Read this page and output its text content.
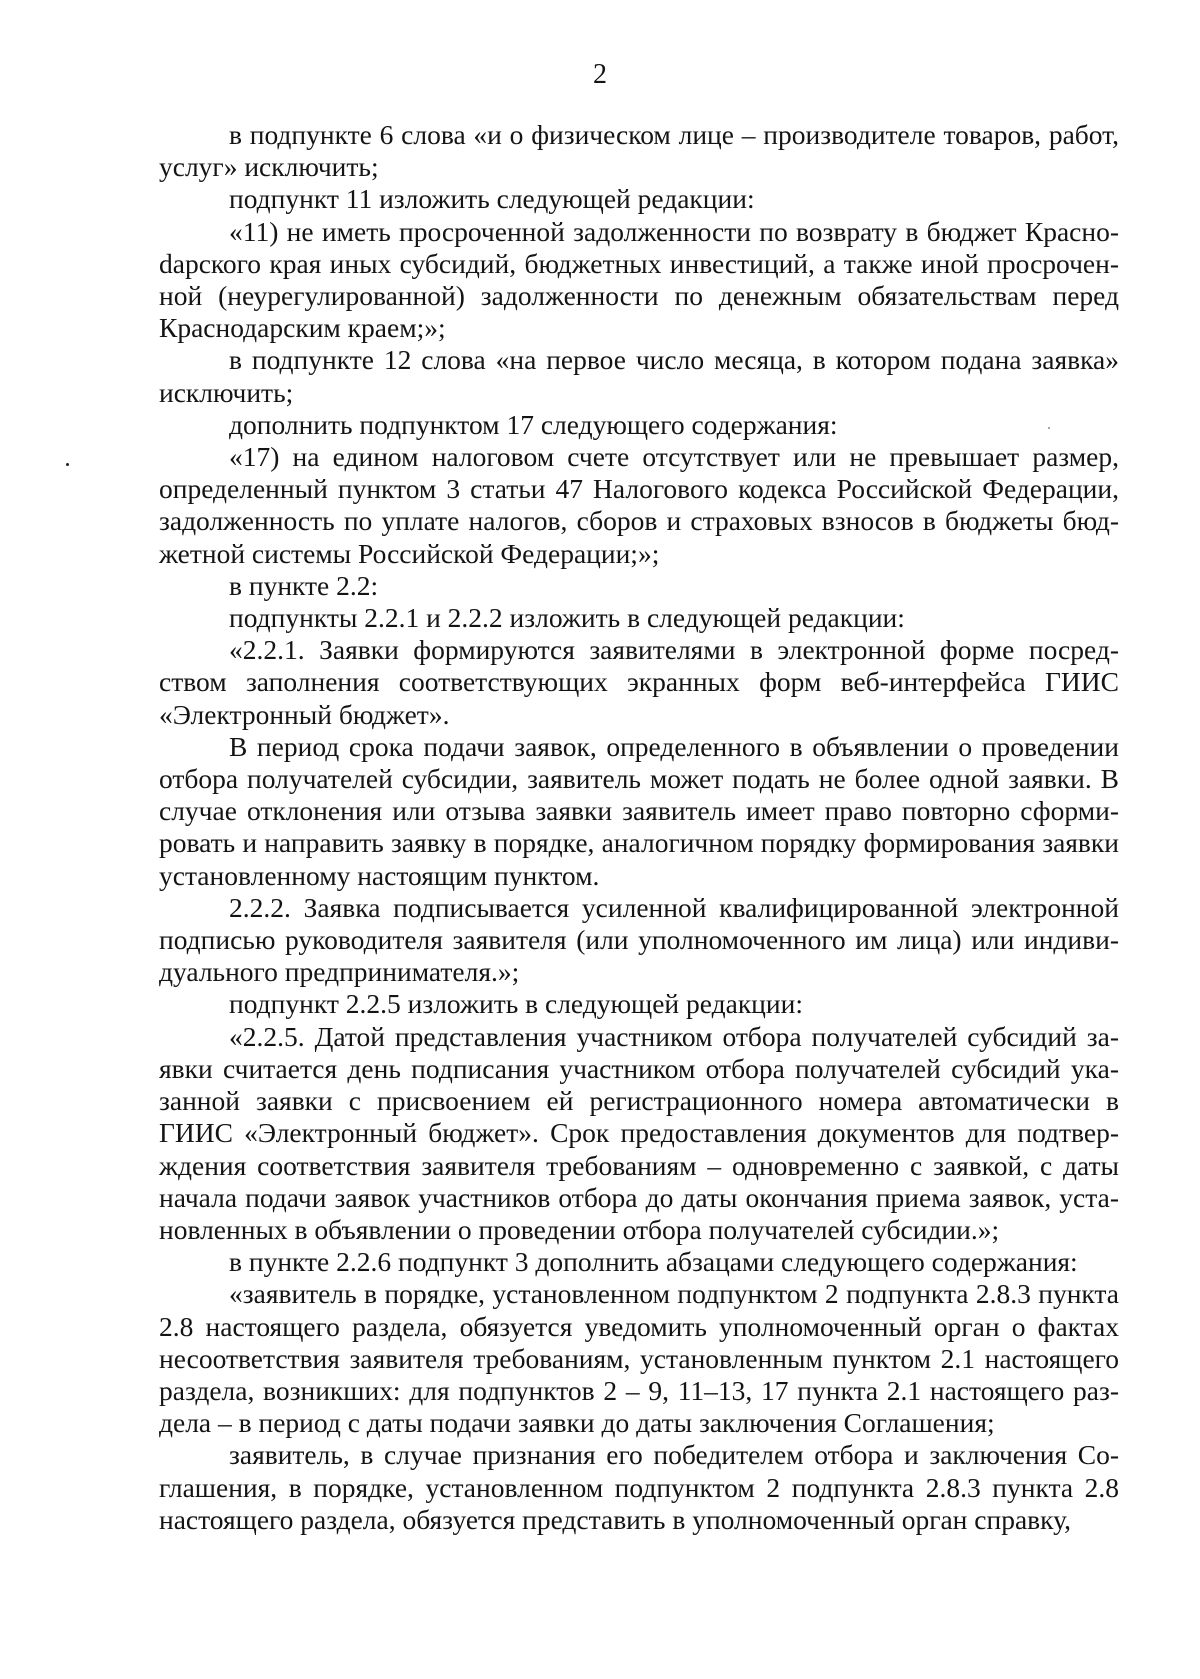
2

в подпункте 6 слова «и о физическом лице – производителе товаров, работ, услуг» исключить;

подпункт 11 изложить следующей редакции:

«11) не иметь просроченной задолженности по возврату в бюджет Красноdарского края иных субсидий, бюджетных инвестиций, а также иной просроченной (неурегулированной) задолженности по денежным обязательствам перед Краснодарским краем;»;

в подпункте 12 слова «на первое число месяца, в котором подана заявка» исключить;

дополнить подпунктом 17 следующего содержания:

«17) на едином налоговом счете отсутствует или не превышает размер, определенный пунктом 3 статьи 47 Налогового кодекса Российской Федерации, задолженность по уплате налогов, сборов и страховых взносов в бюджеты бюджетной системы Российской Федерации;»;

в пункте 2.2:

подпункты 2.2.1 и 2.2.2 изложить в следующей редакции:

«2.2.1. Заявки формируются заявителями в электронной форме посредством заполнения соответствующих экранных форм веб-интерфейса ГИИС «Электронный бюджет».

В период срока подачи заявок, определенного в объявлении о проведении отбора получателей субсидии, заявитель может подать не более одной заявки. В случае отклонения или отзыва заявки заявитель имеет право повторно сформировать и направить заявку в порядке, аналогичном порядку формирования заявки установленному настоящим пунктом.

2.2.2. Заявка подписывается усиленной квалифицированной электронной подписью руководителя заявителя (или уполномоченного им лица) или индивидуального предпринимателя.»;

подпункт 2.2.5 изложить в следующей редакции:

«2.2.5. Датой представления участником отбора получателей субсидий заявки считается день подписания участником отбора получателей субсидий указанной заявки с присвоением ей регистрационного номера автоматически в ГИИС «Электронный бюджет». Срок предоставления документов для подтверждения соответствия заявителя требованиям – одновременно с заявкой, с даты начала подачи заявок участников отбора до даты окончания приема заявок, установленных в объявлении о проведении отбора получателей субсидии.»;

в пункте 2.2.6 подпункт 3 дополнить абзацами следующего содержания:

«заявитель в порядке, установленном подпунктом 2 подпункта 2.8.3 пункта 2.8 настоящего раздела, обязуется уведомить уполномоченный орган о фактах несоответствия заявителя требованиям, установленным пунктом 2.1 настоящего раздела, возникших: для подпунктов 2 – 9, 11–13, 17 пункта 2.1 настоящего раздела – в период с даты подачи заявки до даты заключения Соглашения;

заявитель, в случае признания его победителем отбора и заключения Соглашения, в порядке, установленном подпунктом 2 подпункта 2.8.3 пункта 2.8 настоящего раздела, обязуется представить в уполномоченный орган справку,
